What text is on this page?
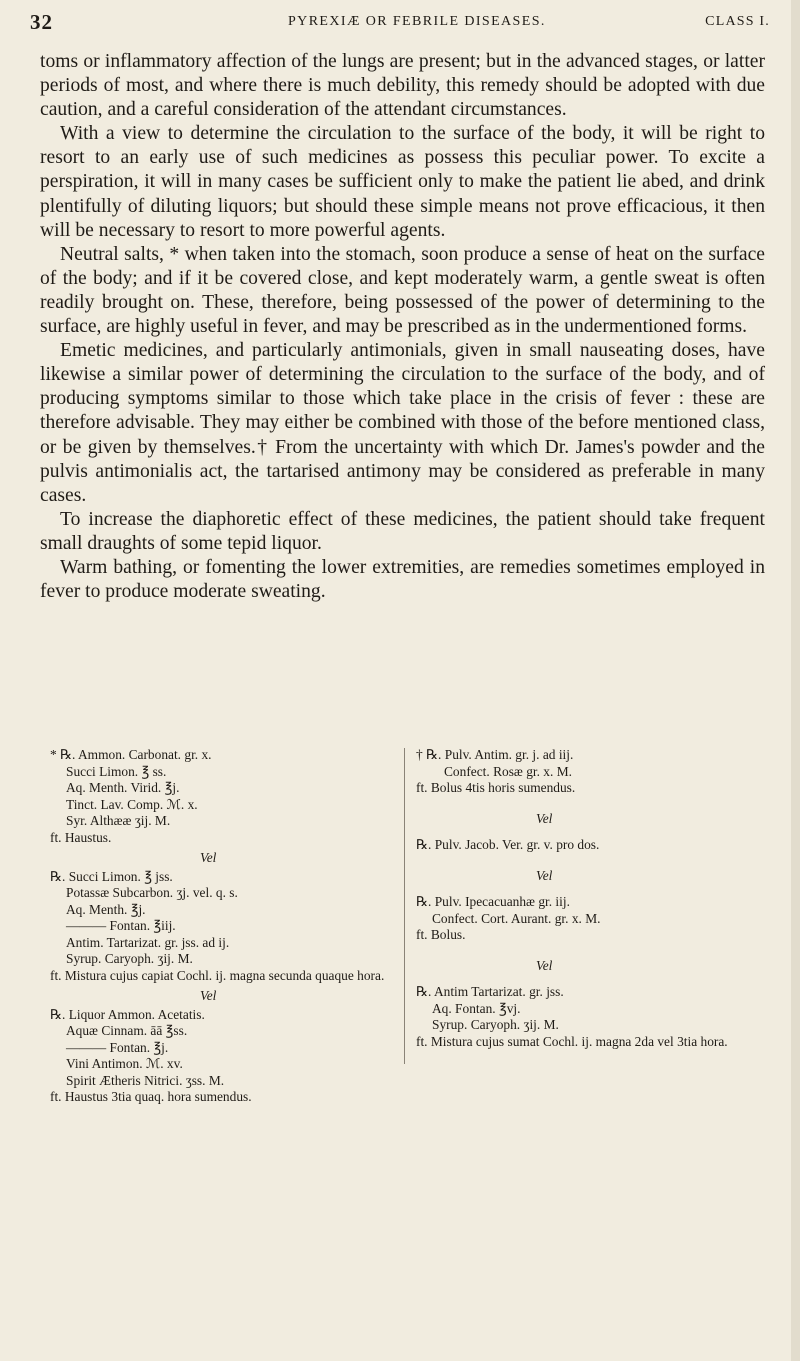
32	PYREXIÆ OR FEBRILE DISEASES.	CLASS I.

toms or inflammatory affection of the lungs are present; but in the advanced stages, or latter periods of most, and where there is much debility, this remedy should be adopted with due caution, and a careful consideration of the attendant circumstances.

With a view to determine the circulation to the surface of the body, it will be right to resort to an early use of such medicines as possess this peculiar power. To excite a perspiration, it will in many cases be sufficient only to make the patient lie abed, and drink plentifully of diluting liquors; but should these simple means not prove efficacious, it then will be necessary to resort to more powerful agents.

Neutral salts, * when taken into the stomach, soon produce a sense of heat on the surface of the body; and if it be covered close, and kept moderately warm, a gentle sweat is often readily brought on. These, therefore, being possessed of the power of determining to the surface, are highly useful in fever, and may be prescribed as in the undermentioned forms.

Emetic medicines, and particularly antimonials, given in small nauseating doses, have likewise a similar power of determining the circulation to the surface of the body, and of producing symptoms similar to those which take place in the crisis of fever : these are therefore advisable. They may either be combined with those of the before mentioned class, or be given by themselves.† From the uncertainty with which Dr. James's powder and the pulvis antimonialis act, the tartarised antimony may be considered as preferable in many cases.

To increase the diaphoretic effect of these medicines, the patient should take frequent small draughts of some tepid liquor.

Warm bathing, or fomenting the lower extremities, are remedies sometimes employed in fever to produce moderate sweating.

* ℞. Ammon. Carbonat. gr. x.
Succi Limon. ℥ ss.
Aq. Menth. Virid. ℥j.
Tinct. Lav. Comp. ℳ. x.
Syr. Althææ ʒij. M.
ft. Haustus.
Vel
℞. Succi Limon. ℥ jss.
Potassæ Subcarbon. ʒj. vel. q. s.
Aq. Menth. ℥j.
——— Fontan. ℥iij.
Antim. Tartarizat. gr. jss. ad ij.
Syrup. Caryoph. ʒij. M.
ft. Mistura cujus capiat Cochl. ij. magna secunda quaque hora.
Vel
℞. Liquor Ammon. Acetatis.
Aquæ Cinnam. āā ℥ss.
——— Fontan. ℥j.
Vini Antimon. ℳ. xv.
Spirit Ætheris Nitrici. ʒss. M.
ft. Haustus 3tia quaq. hora sumendus.
† ℞. Pulv. Antim. gr. j. ad iij.
Confect. Rosæ gr. x. M.
ft. Bolus 4tis horis sumendus.
Vel
℞. Pulv. Jacob. Ver. gr. v. pro dos.
Vel
℞. Pulv. Ipecacuanhæ gr. iij.
Confect. Cort. Aurant. gr. x. M.
ft. Bolus.
Vel
℞. Antim Tartarizat. gr. jss.
Aq. Fontan. ℥vj.
Syrup. Caryoph. ʒij. M.
ft. Mistura cujus sumat Cochl. ij. magna 2da vel 3tia hora.
